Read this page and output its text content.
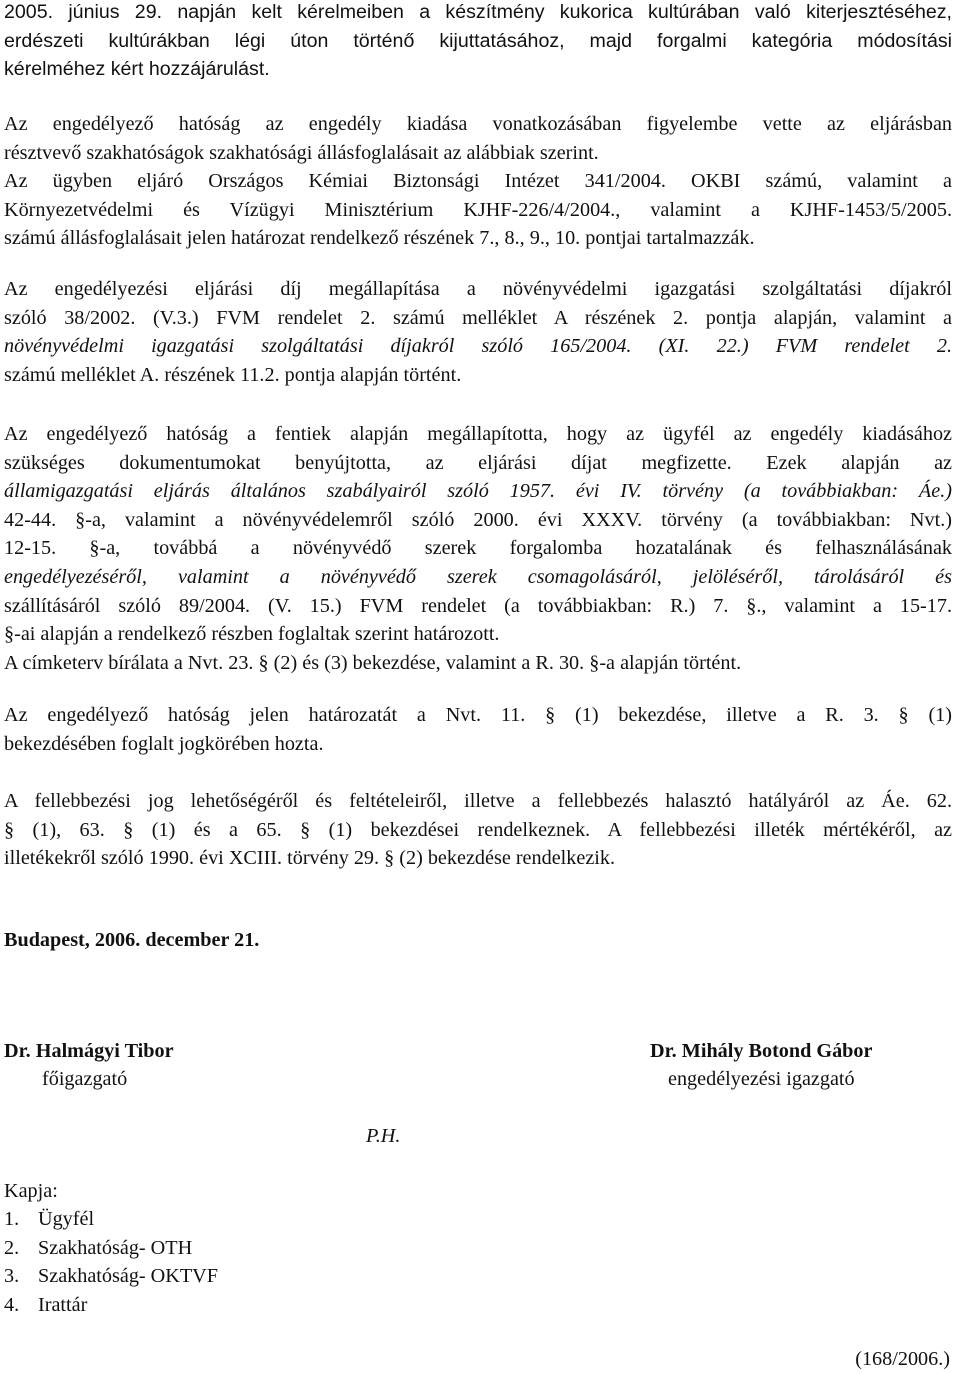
2005. június 29. napján kelt kérelmeiben a készítmény kukorica kultúrában való kiterjesztéséhez,
erdészeti kultúrákban légi úton történő kijuttatásához, majd forgalmi kategória módosítási
kérelméhez kért hozzájárulást.
Az engedélyező hatóság az engedély kiadása vonatkozásában figyelembe vette az eljárásban
résztvevő szakhatóságok szakhatósági állásfoglalásait az alábbiak szerint.
Az ügyben eljáró Országos Kémiai Biztonsági Intézet 341/2004. OKBI számú, valamint a
Környezetvédelmi és Vízügyi Minisztérium KJHF-226/4/2004., valamint a KJHF-1453/5/2005.
számú állásfoglalásait jelen határozat rendelkező részének 7., 8., 9., 10. pontjai tartalmazzák.
Az engedélyezési eljárási díj megállapítása a növényvédelmi igazgatási szolgáltatási díjakról
szóló 38/2002. (V.3.) FVM rendelet 2. számú melléklet A részének 2. pontja alapján, valamint a
növényvédelmi igazgatási szolgáltatási díjakról szóló 165/2004. (XI. 22.) FVM rendelet 2.
számú melléklet A. részének 11.2. pontja alapján történt.
Az engedélyező hatóság a fentiek alapján megállapította, hogy az ügyfél az engedély kiadásához
szükséges dokumentumokat benyújtotta, az eljárási díjat megfizette. Ezek alapján az
államigazgatási eljárás általános szabályairól szóló 1957. évi IV. törvény (a továbbiakban: Áe.)
42-44. §-a, valamint a növényvédelemről szóló 2000. évi XXXV. törvény (a továbbiakban: Nvt.)
12-15. §-a, továbbá a növényvédő szerek forgalomba hozatalának és felhasználásának
engedélyezéséről, valamint a növényvédő szerek csomagolásáról, jelöléséről, tárolásáról és
szállításáról szóló 89/2004. (V. 15.) FVM rendelet (a továbbiakban: R.) 7. §., valamint a 15-17.
§-ai alapján a rendelkező részben foglaltak szerint határozott.
A címketerv bírálata a Nvt. 23. § (2) és (3) bekezdése, valamint a R. 30. §-a alapján történt.
Az engedélyező hatóság jelen határozatát a Nvt. 11. § (1) bekezdése, illetve a R. 3. § (1)
bekezdésében foglalt jogkörében hozta.
A fellebbezési jog lehetőségéről és feltételeiről, illetve a fellebbezés halasztó hatályáról az Áe. 62.
§ (1), 63. § (1) és a 65. § (1) bekezdései rendelkeznek. A fellebbezési illeték mértékéről, az
illetékekről szóló 1990. évi XCIII. törvény 29. § (2) bekezdése rendelkezik.
Budapest, 2006. december 21.
Dr. Halmágyi Tibor
főigazgató
Dr. Mihály Botond Gábor
engedélyezési igazgató
P.H.
Kapja:
1. Ügyfél
2. Szakhatóság- OTH
3. Szakhatóság- OKTVF
4. Irattár
(168/2006.)
